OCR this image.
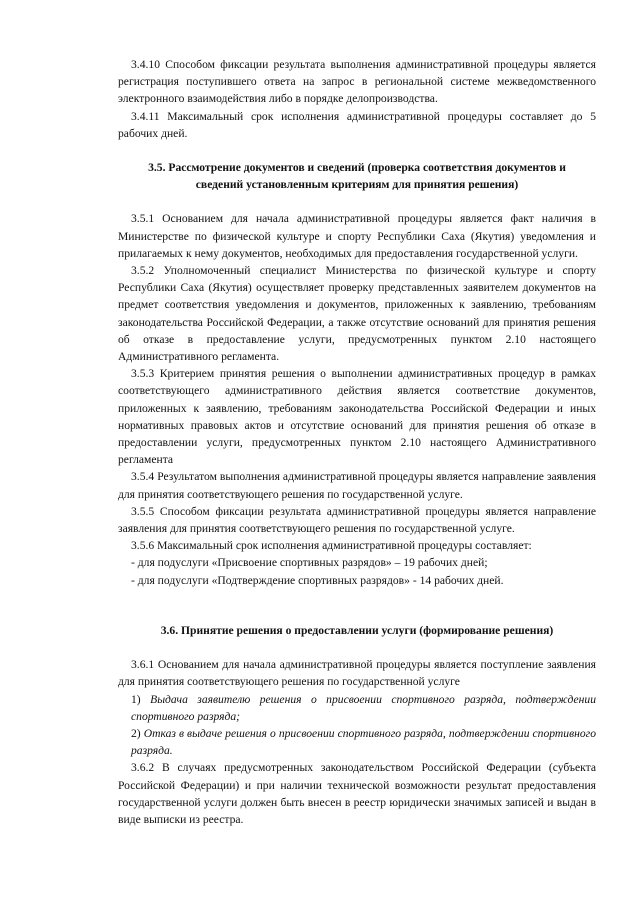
3.4.10 Способом фиксации результата выполнения административной процедуры является регистрация поступившего ответа на запрос в региональной системе межведомственного электронного взаимодействия либо в порядке делопроизводства.

3.4.11 Максимальный срок исполнения административной процедуры составляет до 5 рабочих дней.

3.5. Рассмотрение документов и сведений (проверка соответствия документов и сведений установленным критериям для принятия решения)

3.5.1 Основанием для начала административной процедуры является факт наличия в Министерстве по физической культуре и спорту Республики Саха (Якутия) уведомления и прилагаемых к нему документов, необходимых для предоставления государственной услуги.

3.5.2 Уполномоченный специалист Министерства по физической культуре и спорту Республики Саха (Якутия) осуществляет проверку представленных заявителем документов на предмет соответствия уведомления и документов, приложенных к заявлению, требованиям законодательства Российской Федерации, а также отсутствие оснований для принятия решения об отказе в предоставление услуги, предусмотренных пунктом 2.10 настоящего Административного регламента.

3.5.3 Критерием принятия решения о выполнении административных процедур в рамках соответствующего административного действия является соответствие документов, приложенных к заявлению, требованиям законодательства Российской Федерации и иных нормативных правовых актов и отсутствие оснований для принятия решения об отказе в предоставлении услуги, предусмотренных пунктом 2.10 настоящего Административного регламента

3.5.4 Результатом выполнения административной процедуры является направление заявления для принятия соответствующего решения по государственной услуге.

3.5.5 Способом фиксации результата административной процедуры является направление заявления для принятия соответствующего решения по государственной услуге.

3.5.6 Максимальный срок исполнения административной процедуры составляет:

- для подуслуги «Присвоение спортивных разрядов» – 19 рабочих дней;

- для подуслуги «Подтверждение спортивных разрядов» - 14 рабочих дней.

3.6. Принятие решения о предоставлении услуги (формирование решения)

3.6.1 Основанием для начала административной процедуры является поступление заявления для принятия соответствующего решения по государственной услуге

1) Выдача заявителю решения о присвоении спортивного разряда, подтверждении спортивного разряда;

2) Отказ в выдаче решения о присвоении спортивного разряда, подтверждении спортивного разряда.

3.6.2 В случаях предусмотренных законодательством Российской Федерации (субъекта Российской Федерации) и при наличии технической возможности результат предоставления государственной услуги должен быть внесен в реестр юридически значимых записей и выдан в виде выписки из реестра.
